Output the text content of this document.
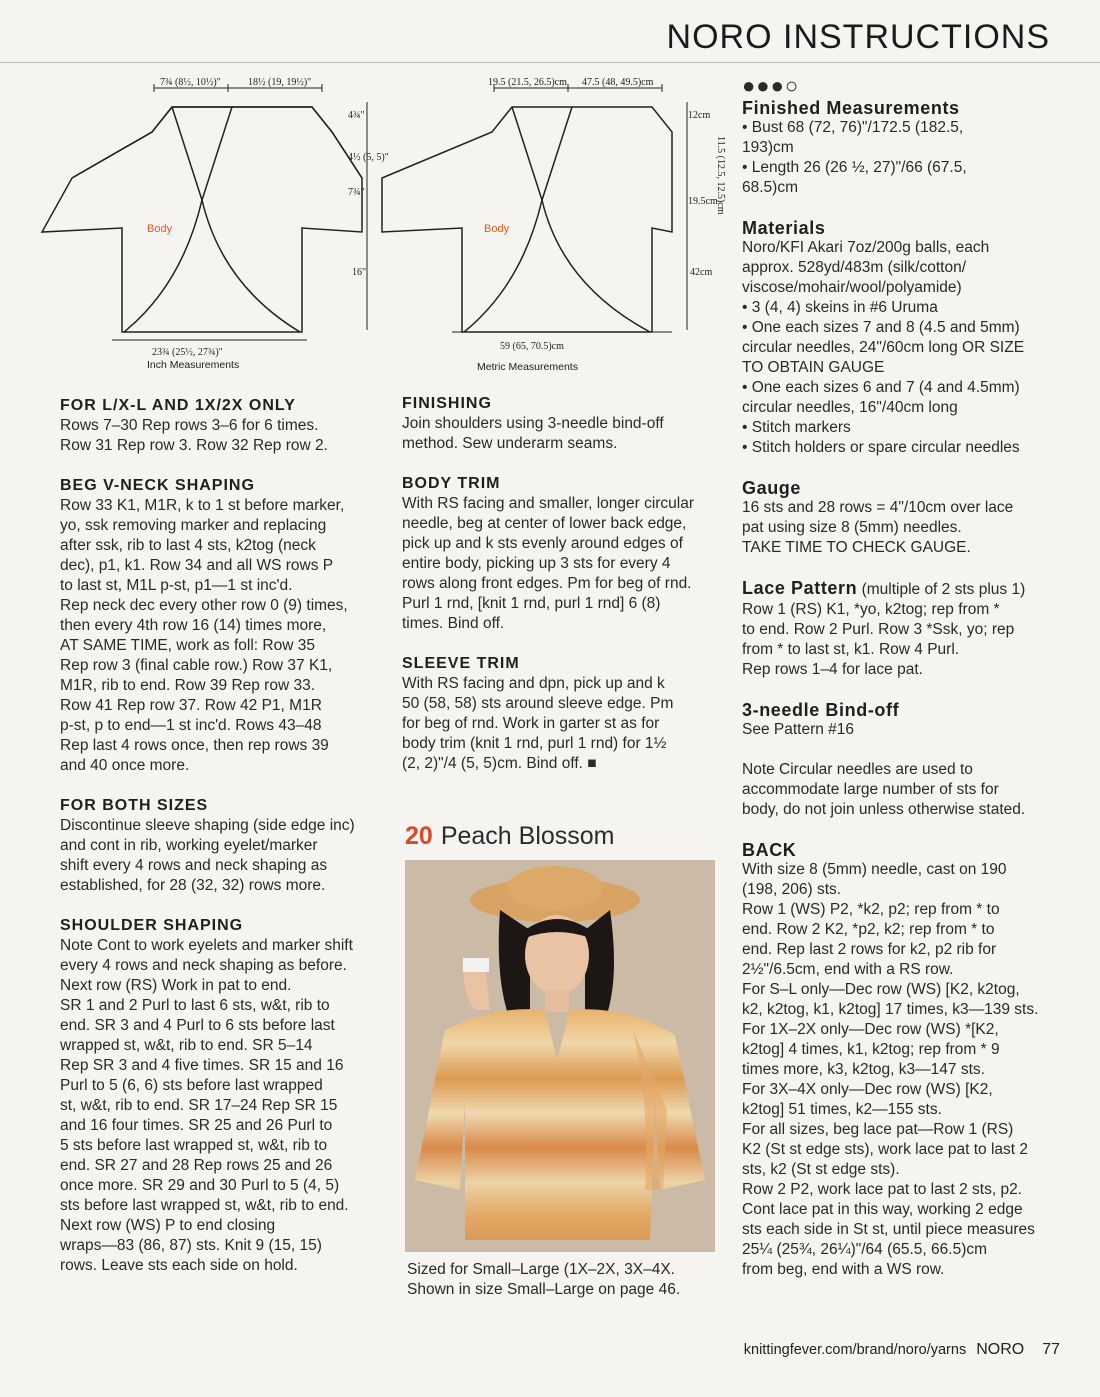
NORO INSTRUCTIONS
7¾ (8½, 10½)"	18½ (19, 19½)"
4¾"
4½ (5, 5)"
7¾"
16"
Body
23¾ (25½, 27¾)"
Inch Measurements
19.5 (21.5, 26.5)cm 47.5 (48, 49.5)cm
12cm
11.5 (12.5, 12.5)cm
19.5cm
42cm
Body
59 (65, 70.5)cm
Metric Measurements

FOR L/X-L AND 1X/2X ONLY

Rows 7–30 Rep rows 3–6 for 6 times.

Row 31 Rep row 3. Row 32 Rep row 2.

BEG V-NECK SHAPING

Row 33 K1, M1R, k to 1 st before marker,

yo, ssk removing marker and replacing

after ssk, rib to last 4 sts, k2tog (neck

dec), p1, k1. Row 34 and all WS rows P

to last st, M1L p-st, p1—1 st inc'd.

Rep neck dec every other row 0 (9) times,

then every 4th row 16 (14) times more,

AT SAME TIME, work as foll: Row 35

Rep row 3 (final cable row.) Row 37 K1,

M1R, rib to end. Row 39 Rep row 33.

Row 41 Rep row 37. Row 42 P1, M1R

p-st, p to end—1 st inc'd. Rows 43–48

Rep last 4 rows once, then rep rows 39

and 40 once more.

FOR BOTH SIZES

Discontinue sleeve shaping (side edge inc)

and cont in rib, working eyelet/marker

shift every 4 rows and neck shaping as

established, for 28 (32, 32) rows more.

SHOULDER SHAPING

Note Cont to work eyelets and marker shift

every 4 rows and neck shaping as before.

Next row (RS) Work in pat to end.

SR 1 and 2 Purl to last 6 sts, w&t, rib to

end. SR 3 and 4 Purl to 6 sts before last

wrapped st, w&t, rib to end. SR 5–14

Rep SR 3 and 4 five times. SR 15 and 16

Purl to 5 (6, 6) sts before last wrapped

st, w&t, rib to end. SR 17–24 Rep SR 15

and 16 four times. SR 25 and 26 Purl to

5 sts before last wrapped st, w&t, rib to

end. SR 27 and 28 Rep rows 25 and 26

once more. SR 29 and 30 Purl to 5 (4, 5)

sts before last wrapped st, w&t, rib to end.

Next row (WS) P to end closing

wraps—83 (86, 87) sts. Knit 9 (15, 15)

rows. Leave sts each side on hold.

FINISHING

Join shoulders using 3-needle bind-off

method. Sew underarm seams.

BODY TRIM

With RS facing and smaller, longer circular

needle, beg at center of lower back edge,

pick up and k sts evenly around edges of

entire body, picking up 3 sts for every 4

rows along front edges. Pm for beg of rnd.

Purl 1 rnd, [knit 1 rnd, purl 1 rnd] 6 (8)

times. Bind off.

SLEEVE TRIM

With RS facing and dpn, pick up and k

50 (58, 58) sts around sleeve edge. Pm

for beg of rnd. Work in garter st as for

body trim (knit 1 rnd, purl 1 rnd) for 1½

(2, 2)"/4 (5, 5)cm. Bind off. ■

20 Peach Blossom

Sized for Small–Large (1X–2X, 3X–4X.

Shown in size Small–Large on page 46.

●●●○

Finished Measurements

• Bust 68 (72, 76)"/172.5 (182.5,

193)cm

• Length 26 (26 ½, 27)"/66 (67.5,

68.5)cm

Materials

Noro/KFI Akari 7oz/200g balls, each

approx. 528yd/483m (silk/cotton/

viscose/mohair/wool/polyamide)

• 3 (4, 4) skeins in #6 Uruma

• One each sizes 7 and 8 (4.5 and 5mm)

circular needles, 24"/60cm long OR SIZE

TO OBTAIN GAUGE

• One each sizes 6 and 7 (4 and 4.5mm)

circular needles, 16"/40cm long

• Stitch markers

• Stitch holders or spare circular needles

Gauge

16 sts and 28 rows = 4"/10cm over lace

pat using size 8 (5mm) needles.

TAKE TIME TO CHECK GAUGE.

Lace Pattern (multiple of 2 sts plus 1)

Row 1 (RS) K1, *yo, k2tog; rep from *

to end. Row 2 Purl. Row 3 *Ssk, yo; rep

from * to last st, k1. Row 4 Purl.

Rep rows 1–4 for lace pat.

3-needle Bind-off

See Pattern #16

Note Circular needles are used to

accommodate large number of sts for

body, do not join unless otherwise stated.

BACK

With size 8 (5mm) needle, cast on 190

(198, 206) sts.

Row 1 (WS) P2, *k2, p2; rep from * to

end. Row 2 K2, *p2, k2; rep from * to

end. Rep last 2 rows for k2, p2 rib for

2½"/6.5cm, end with a RS row.

For S–L only—Dec row (WS) [K2, k2tog,

k2, k2tog, k1, k2tog] 17 times, k3—139 sts.

For 1X–2X only—Dec row (WS) *[K2,

k2tog] 4 times, k1, k2tog; rep from * 9

times more, k3, k2tog, k3—147 sts.

For 3X–4X only—Dec row (WS) [K2,

k2tog] 51 times, k2—155 sts.

For all sizes, beg lace pat—Row 1 (RS)

K2 (St st edge sts), work lace pat to last 2

sts, k2 (St st edge sts).

Row 2 P2, work lace pat to last 2 sts, p2.

Cont lace pat in this way, working 2 edge

sts each side in St st, until piece measures

25¼ (25¾, 26¼)"/64 (65.5, 66.5)cm

from beg, end with a WS row.

knittingfever.com/brand/noro/yarns NORO 77
